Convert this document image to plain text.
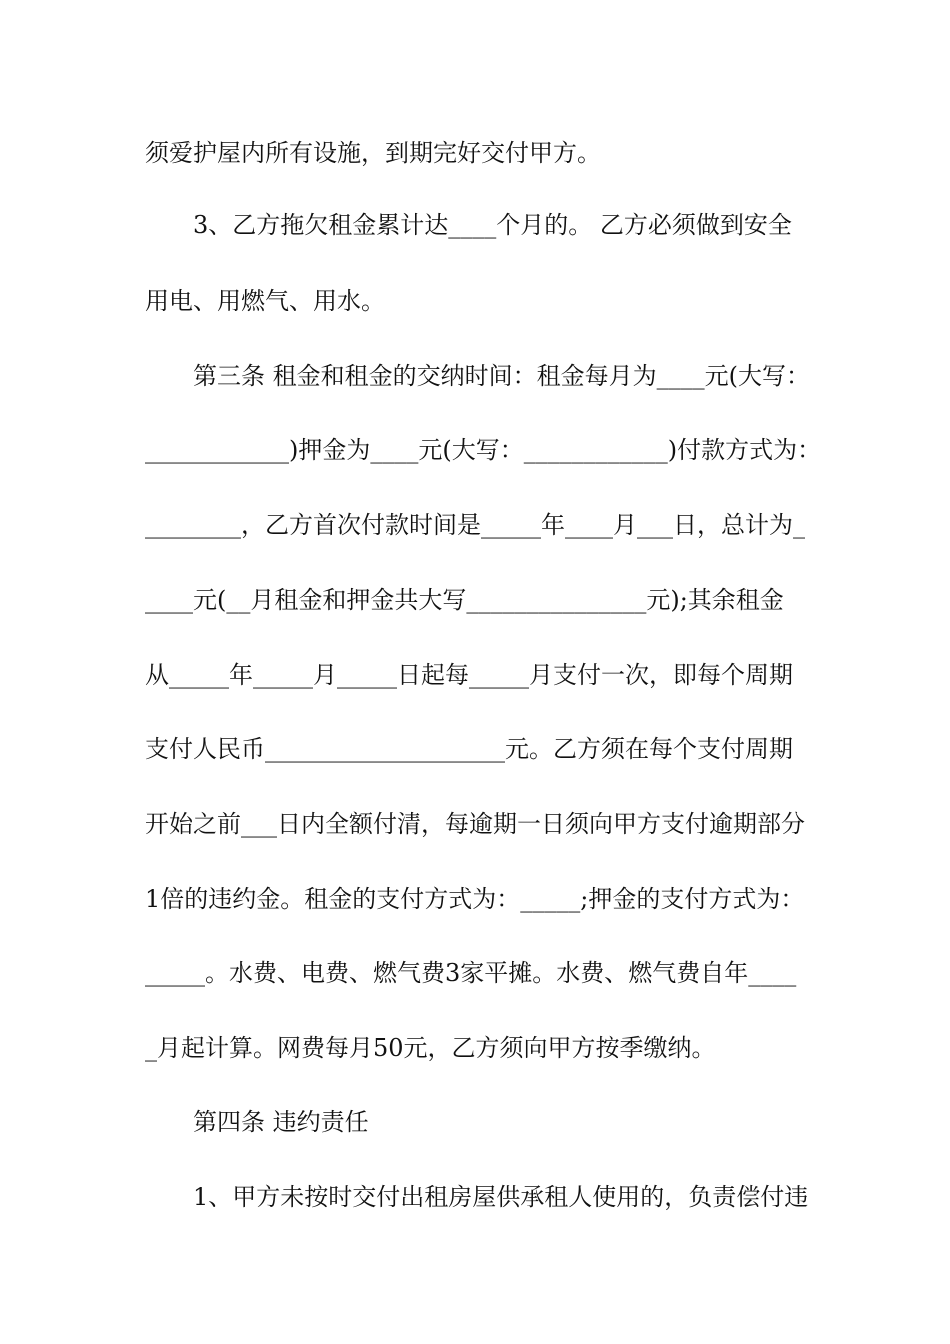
须爱护屋内所有设施，到期完好交付甲方。
3、乙方拖欠租金累计达____个月的。 乙方必须做到安全
用电、用燃气、用水。
第三条 租金和租金的交纳时间：租金每月为____元(大写：
____________)押金为____元(大写：____________)付款方式为：
________，乙方首次付款时间是_____年____月___日，总计为_
____元(__月租金和押金共大写_______________元);其余租金
从_____年_____月_____日起每_____月支付一次，即每个周期
支付人民币____________________元。乙方须在每个支付周期
开始之前___日内全额付清，每逾期一日须向甲方支付逾期部分
1倍的违约金。租金的支付方式为：_____;押金的支付方式为：
_____。水费、电费、燃气费3家平摊。水费、燃气费自年____
_月起计算。网费每月50元，乙方须向甲方按季缴纳。
第四条 违约责任
1、甲方未按时交付出租房屋供承租人使用的，负责偿付违
